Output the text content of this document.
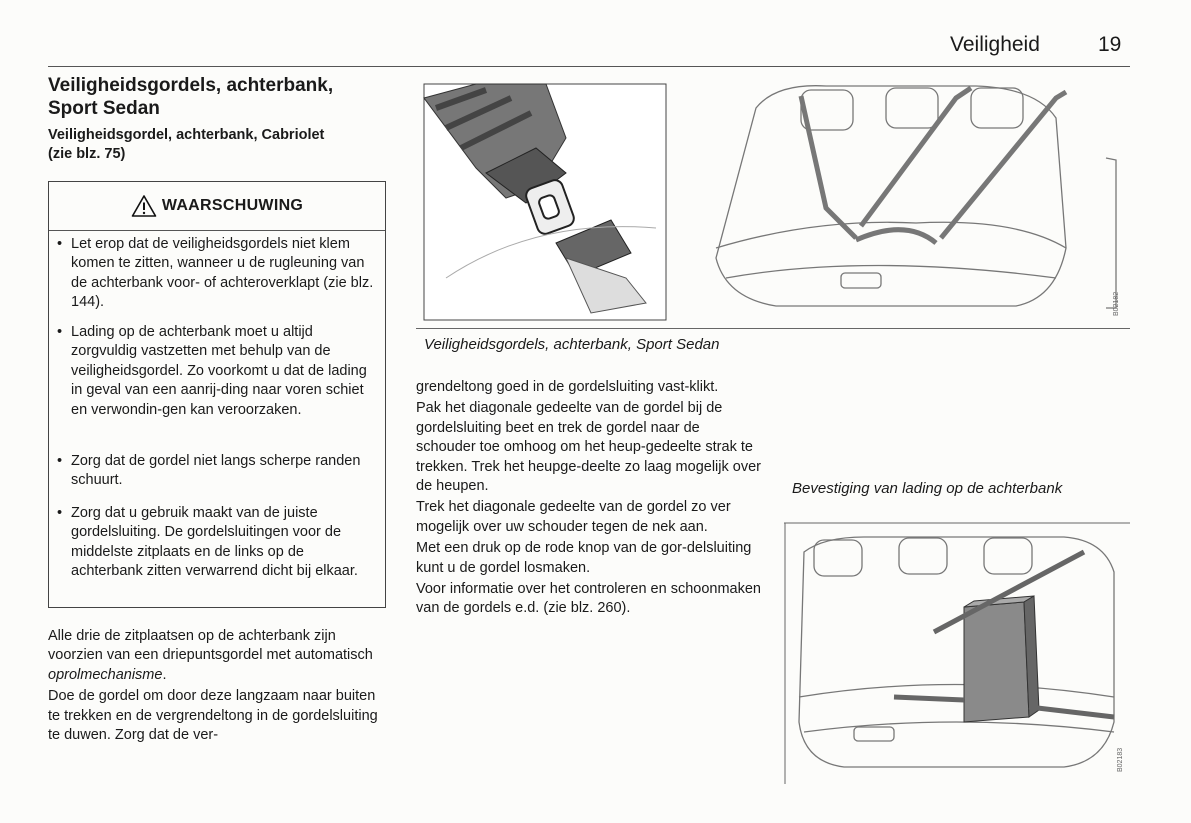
Veiligheid	19
Veiligheidsgordels, achterbank,
Sport Sedan
Veiligheidsgordel, achterbank, Cabriolet
(zie blz. 75)
WAARSCHUWING
• Let erop dat de veiligheidsgordels niet klem komen te zitten, wanneer u de rugleuning van de achterbank voor- of achteroverklapt (zie blz. 144).
• Lading op de achterbank moet u altijd zorgvuldig vastzetten met behulp van de veiligheidsgordel. Zo voorkomt u dat de lading in geval van een aanrij-ding naar voren schiet en verwondin-gen kan veroorzaken.
• Zorg dat de gordel niet langs scherpe randen schuurt.
• Zorg dat u gebruik maakt van de juiste gordelsluiting. De gordelsluitingen voor de middelste zitplaats en de links op de achterbank zitten verwarrend dicht bij elkaar.

Alle drie de zitplaatsen op de achterbank zijn voorzien van een driepuntsgordel met automatisch oprolmechanisme.

Doe de gordel om door deze langzaam naar buiten te trekken en de vergrendeltong in de gordelsluiting te duwen. Zorg dat de ver-

grendeltong goed in de gordelsluiting vast-klikt.

Pak het diagonale gedeelte van de gordel bij de gordelsluiting beet en trek de gordel naar de schouder toe omhoog om het heup-gedeelte strak te trekken. Trek het heupge-deelte zo laag mogelijk over de heupen.

Trek het diagonale gedeelte van de gordel zo ver mogelijk over uw schouder tegen de nek aan.

Met een druk op de rode knop van de gor-delsluiting kunt u de gordel losmaken.

Voor informatie over het controleren en schoonmaken van de gordels e.d. (zie blz. 260).

B02182
Veiligheidsgordels, achterbank, Sport Sedan
Bevestiging van lading op de achterbank
B02183
